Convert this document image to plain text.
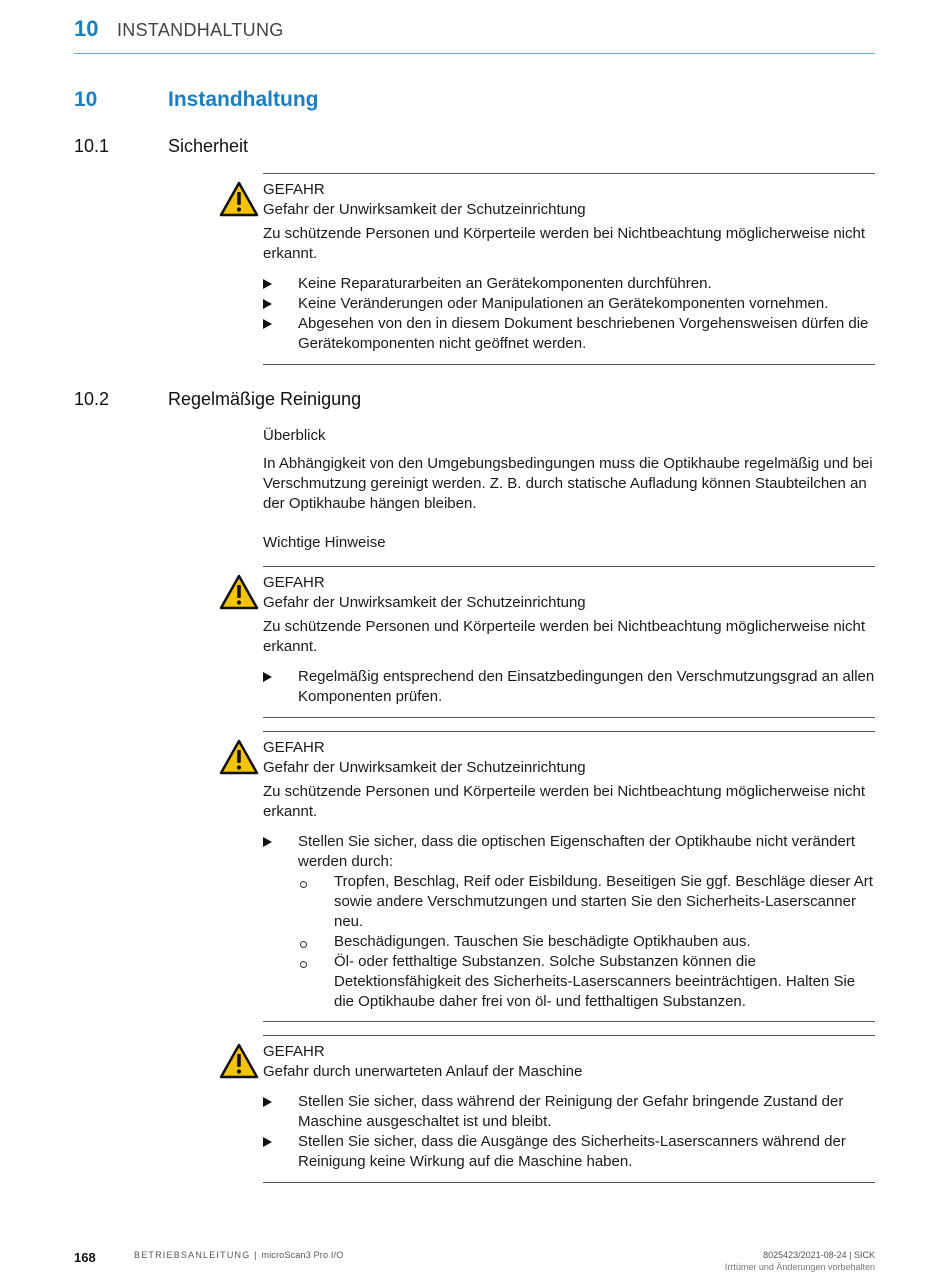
10 INSTANDHALTUNG
10	Instandhaltung
10.1	Sicherheit
GEFAHR
Gefahr der Unwirksamkeit der Schutzeinrichtung
Zu schützende Personen und Körperteile werden bei Nichtbeachtung möglicherweise nicht erkannt.
Keine Reparaturarbeiten an Gerätekomponenten durchführen.
Keine Veränderungen oder Manipulationen an Gerätekomponenten vornehmen.
Abgesehen von den in diesem Dokument beschriebenen Vorgehensweisen dürfen die Gerätekomponenten nicht geöffnet werden.
10.2	Regelmäßige Reinigung
Überblick
In Abhängigkeit von den Umgebungsbedingungen muss die Optikhaube regelmäßig und bei Verschmutzung gereinigt werden. Z. B. durch statische Aufladung können Staubteilchen an der Optikhaube hängen bleiben.
Wichtige Hinweise
GEFAHR
Gefahr der Unwirksamkeit der Schutzeinrichtung
Zu schützende Personen und Körperteile werden bei Nichtbeachtung möglicherweise nicht erkannt.
Regelmäßig entsprechend den Einsatzbedingungen den Verschmutzungsgrad an allen Komponenten prüfen.
GEFAHR
Gefahr der Unwirksamkeit der Schutzeinrichtung
Zu schützende Personen und Körperteile werden bei Nichtbeachtung möglicherweise nicht erkannt.
Stellen Sie sicher, dass die optischen Eigenschaften der Optikhaube nicht verändert werden durch:
Tropfen, Beschlag, Reif oder Eisbildung. Beseitigen Sie ggf. Beschläge dieser Art sowie andere Verschmutzungen und starten Sie den Sicherheits-Laserscanner neu.
Beschädigungen. Tauschen Sie beschädigte Optikhauben aus.
Öl- oder fetthaltige Substanzen. Solche Substanzen können die Detektionsfähigkeit des Sicherheits-Laserscanners beeinträchtigen. Halten Sie die Optikhaube daher frei von öl- und fetthaltigen Substanzen.
GEFAHR
Gefahr durch unerwarteten Anlauf der Maschine
Stellen Sie sicher, dass während der Reinigung der Gefahr bringende Zustand der Maschine ausgeschaltet ist und bleibt.
Stellen Sie sicher, dass die Ausgänge des Sicherheits-Laserscanners während der Reinigung keine Wirkung auf die Maschine haben.
168	BETRIEBSANLEITUNG | microScan3 Pro I/O	8025423/2021-08-24 | SICK
Irrtümer und Änderungen vorbehalten
